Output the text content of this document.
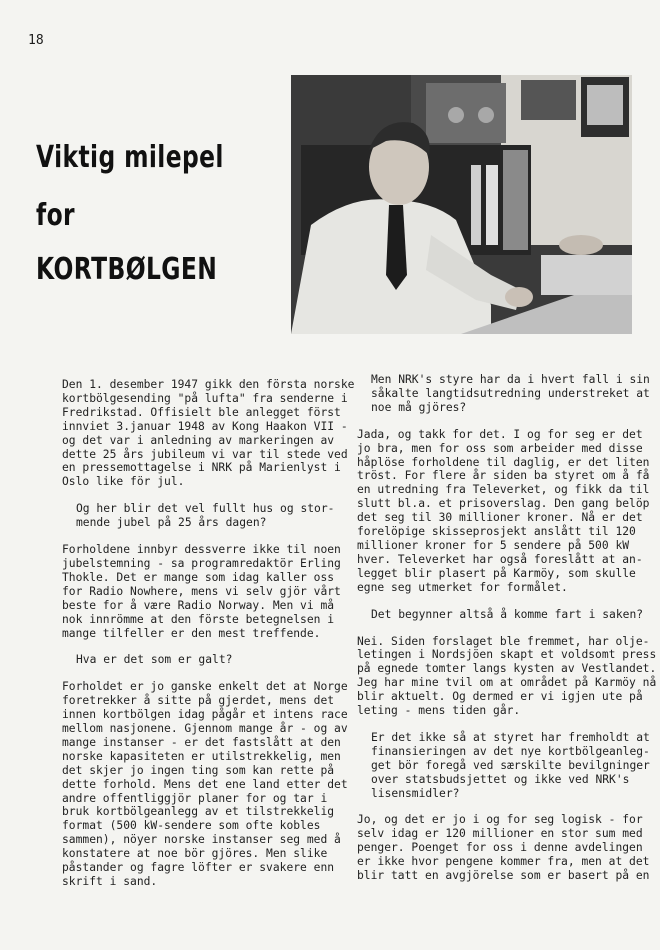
18
Viktig milepel
for
KORTBØLGEN

Den 1. desember 1947 gikk den första norske
kortbölgesending "på lufta" fra senderne i
Fredrikstad. Offisielt ble anlegget först
innviet 3.januar 1948 av Kong Haakon VII -
og det var i anledning av markeringen av
dette 25 års jubileum vi var til stede ved
en pressemottagelse i NRK på Marienlyst i
Oslo like för jul.

Og her blir det vel fullt hus og stor-
mende jubel på 25 års dagen?

Forholdene innbyr dessverre ikke til noen
jubelstemning - sa programredaktör Erling
Thokle. Det er mange som idag kaller oss
for Radio Nowhere, mens vi selv gjör vårt
beste for å være Radio Norway. Men vi må
nok innrömme at den förste betegnelsen i
mange tilfeller er den mest treffende.

Hva er det som er galt?

Forholdet er jo ganske enkelt det at Norge
foretrekker å sitte på gjerdet, mens det
innen kortbölgen idag pågår et intens race
mellom nasjonene. Gjennom mange år - og av
mange instanser - er det fastslått at den
norske kapasiteten er utilstrekkelig, men
det skjer jo ingen ting som kan rette på
dette forhold. Mens det ene land etter det
andre offentliggjör planer for og tar i
bruk kortbölgeanlegg av et tilstrekkelig
format (500 kW-sendere som ofte kobles
sammen), nöyer norske instanser seg med å
konstatere at noe bör gjöres. Men slike
påstander og fagre löfter er svakere enn
skrift i sand.

Men NRK's styre har da i hvert fall i sin
såkalte langtidsutredning understreket at
noe må gjöres?

Jada, og takk for det. I og for seg er det
jo bra, men for oss som arbeider med disse
håplöse forholdene til daglig, er det liten
tröst. For flere år siden ba styret om å få
en utredning fra Televerket, og fikk da til
slutt bl.a. et prisoverslag. Den gang belöp
det seg til 30 millioner kroner. Nå er det
forelöpige skisseprosjekt anslått til 120
millioner kroner for 5 sendere på 500 kW
hver. Televerket har også foreslått at an-
legget blir plasert på Karmöy, som skulle
egne seg utmerket for formålet.

Det begynner altså å komme fart i saken?

Nei. Siden forslaget ble fremmet, har olje-
letingen i Nordsjöen skapt et voldsomt press
på egnede tomter langs kysten av Vestlandet.
Jeg har mine tvil om at området på Karmöy nå
blir aktuelt. Og dermed er vi igjen ute på
leting - mens tiden går.

Er det ikke så at styret har fremholdt at
finansieringen av det nye kortbölgeanleg-
get bör foregå ved særskilte bevilgninger
over statsbudsjettet og ikke ved NRK's
lisensmidler?

Jo, og det er jo i og for seg logisk - for
selv idag er 120 millioner en stor sum med
penger. Poenget for oss i denne avdelingen
er ikke hvor pengene kommer fra, men at det
blir tatt en avgjörelse som er basert på en
